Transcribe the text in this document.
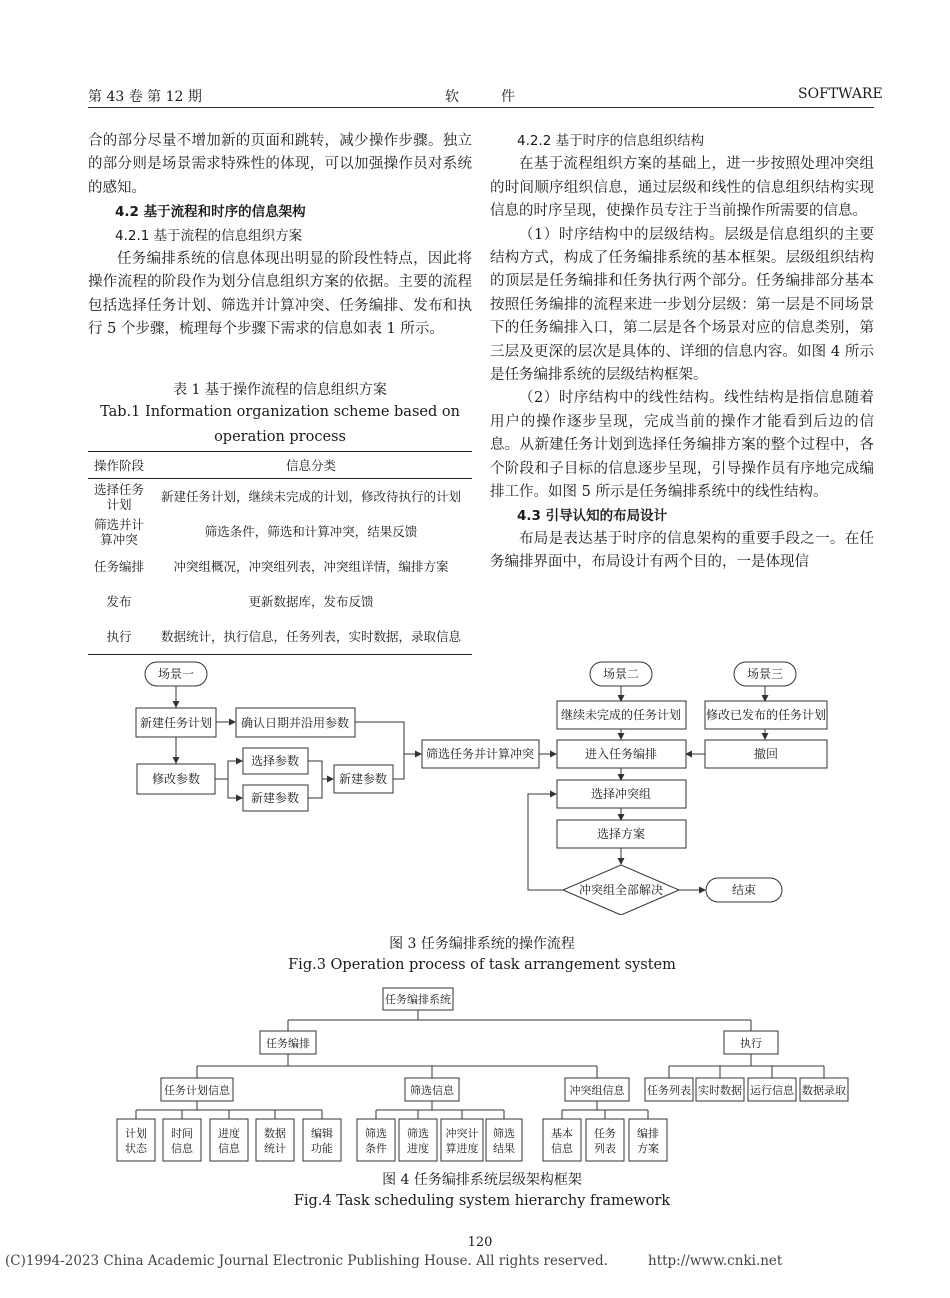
第 43 卷 第 12 期	软　　　件	SOFTWARE

合的部分尽量不增加新的页面和跳转，减少操作步骤。独立的部分则是场景需求特殊性的体现，可以加强操作员对系统的感知。

4.2 基于流程和时序的信息架构

4.2.1 基于流程的信息组织方案

任务编排系统的信息体现出明显的阶段性特点，因此将操作流程的阶段作为划分信息组织方案的依据。主要的流程包括选择任务计划、筛选并计算冲突、任务编排、发布和执行 5 个步骤，梳理每个步骤下需求的信息如表 1 所示。

表 1 基于操作流程的信息组织方案
Tab.1 Information organization scheme based on
operation process
操作阶段	信息分类
选择任务计划	新建任务计划，继续未完成的计划，修改待执行的计划
筛选并计算冲突	筛选条件，筛选和计算冲突，结果反馈
任务编排	冲突组概况，冲突组列表，冲突组详情，编排方案
发布	更新数据库，发布反馈
执行	数据统计，执行信息，任务列表，实时数据，录取信息

4.2.2 基于时序的信息组织结构

在基于流程组织方案的基础上，进一步按照处理冲突组的时间顺序组织信息，通过层级和线性的信息组织结构实现信息的时序呈现，使操作员专注于当前操作所需要的信息。

（1）时序结构中的层级结构。层级是信息组织的主要结构方式，构成了任务编排系统的基本框架。层级组织结构的顶层是任务编排和任务执行两个部分。任务编排部分基本按照任务编排的流程来进一步划分层级：第一层是不同场景下的任务编排入口，第二层是各个场景对应的信息类别，第三层及更深的层次是具体的、详细的信息内容。如图 4 所示是任务编排系统的层级结构框架。

（2）时序结构中的线性结构。线性结构是指信息随着用户的操作逐步呈现，完成当前的操作才能看到后边的信息。从新建任务计划到选择任务编排方案的整个过程中，各个阶段和子目标的信息逐步呈现，引导操作员有序地完成编排工作。如图 5 所示是任务编排系统中的线性结构。

4.3 引导认知的布局设计

布局是表达基于时序的信息架构的重要手段之一。在任务编排界面中，布局设计有两个目的，一是体现信

场景一
新建任务计划 确认日期并沿用参数
修改参数
选择参数
新建参数
新建参数
筛选任务并计算冲突
场景二	场景三
继续未完成的任务计划 修改已发布的任务计划
进入任务编排	撤回
选择冲突组
选择方案
冲突组全部解决	结束
图 3 任务编排系统的操作流程
Fig.3 Operation process of task arrangement system
任务编排系统
任务编排	执行
任务计划信息	筛选信息	冲突组信息 任务列表 实时数据 运行信息 数据录取
计划
状态
时间
信息
进度
信息
数据
统计
编辑
功能
筛选
条件
筛选
进度
冲突计
算进度
筛选
结果
基本
信息
任务
列表
编排
方案
图 4 任务编排系统层级架构框架
Fig.4 Task scheduling system hierarchy framework
120
(C)1994-2023 China Academic Journal Electronic Publishing House. All rights reserved.	http://www.cnki.net
